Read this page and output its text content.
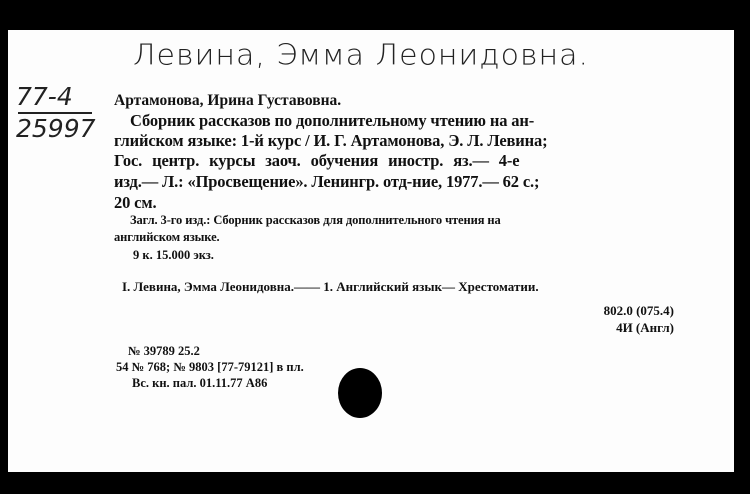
Левина, Эмма Леонидовна.
77-4
25997
Артамонова, Ирина Густавовна.
Сборник рассказов по дополнительному чтению на ан-
глийском языке: 1-й курс / И. Г. Артамонова, Э. Л. Левина;
Гос. центр. курсы заоч. обучения иностр. яз.— 4-е
изд.— Л.: «Просвещение». Ленингр. отд-ние, 1977.— 62 с.;
20 см.
Загл. 3-го изд.: Сборник рассказов для дополнительного чтения на
английском языке.
9 к. 15.000 экз.
I. Левина, Эмма Леонидовна.—— 1. Английский язык— Хрестоматии.
802.0 (075.4)
4И (Англ)
№ 39789 25.2
54 № 768; № 9803 [77-79121] в пл.
Вс. кн. пал. 01.11.77 А86
